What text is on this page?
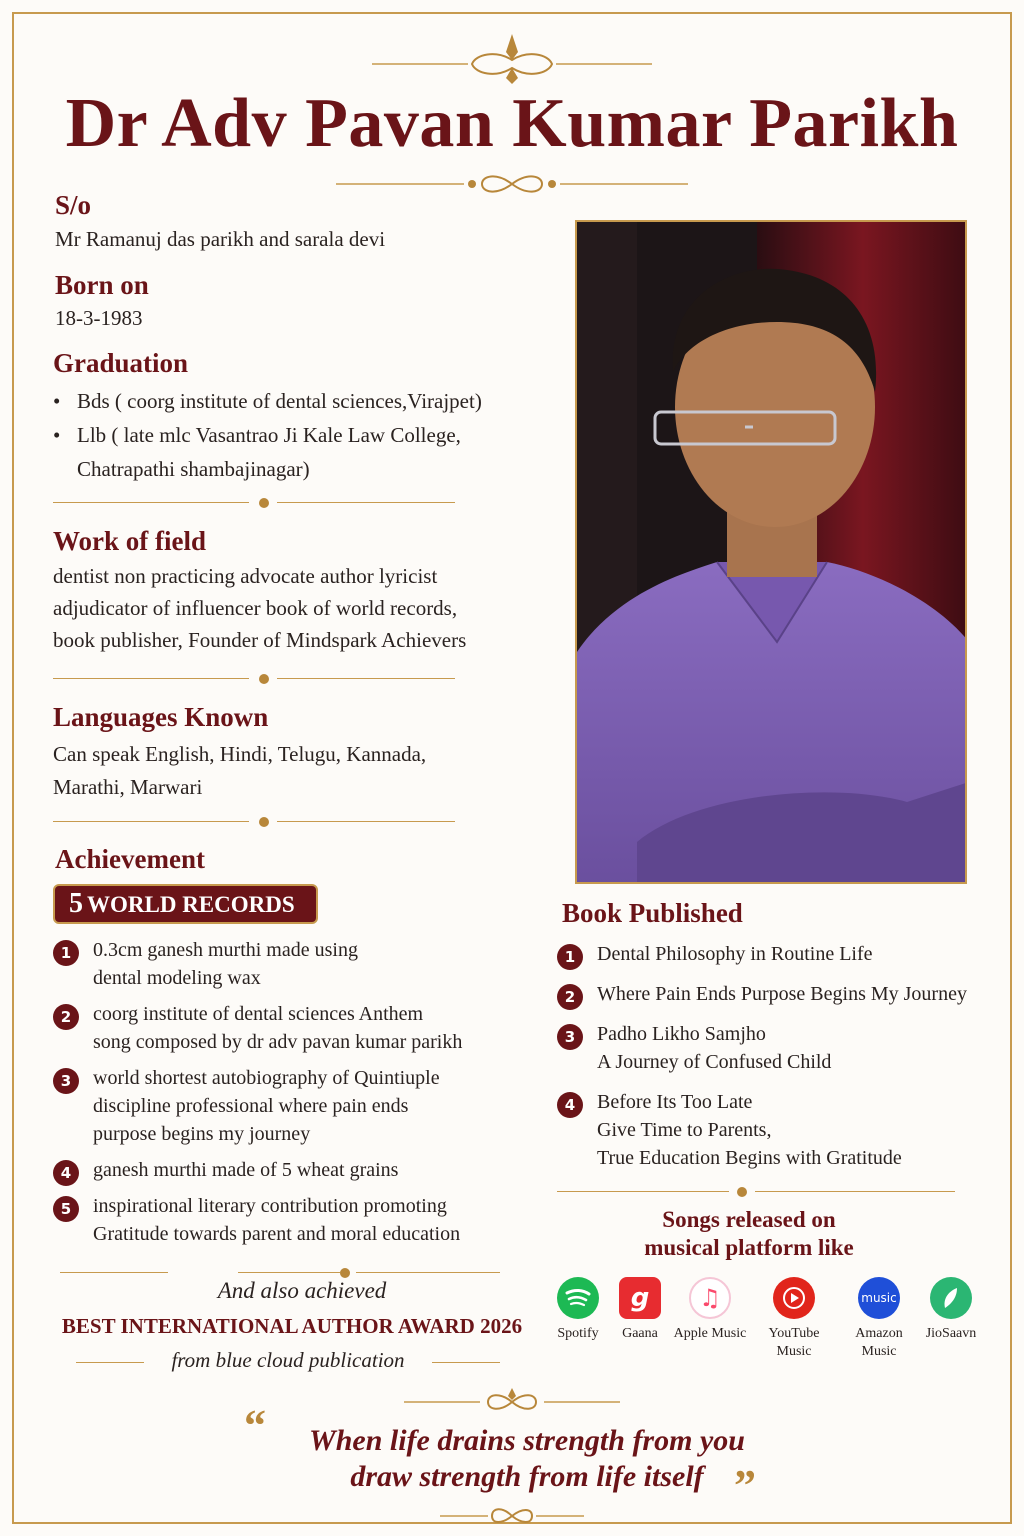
Dr Adv Pavan Kumar Parikh
S/o
Mr Ramanuj das parikh and sarala devi
Born on
18-3-1983
Graduation
• Bds ( coorg institute of dental sciences,Virajpet)
• Llb ( late mlc Vasantrao Ji Kale Law College,
Chatrapathi shambajinagar)
Work of field
dentist non practicing advocate author lyricist
adjudicator of influencer book of world records,
book publisher, Founder of Mindspark Achievers
Languages Known
Can speak English, Hindi, Telugu, Kannada,
Marathi, Marwari
Achievement
5 WORLD RECORDS
1	0.3cm ganesh murthi made using
dental modeling wax
2	coorg institute of dental sciences Anthem
song composed by dr adv pavan kumar parikh
3	world shortest autobiography of Quintiuple
discipline professional where pain ends
purpose begins my journey
4	ganesh murthi made of 5 wheat grains
5	inspirational literary contribution promoting
Gratitude towards parent and moral education
And also achieved
BEST INTERNATIONAL AUTHOR AWARD 2026
from blue cloud publication
Book Published
1	Dental Philosophy in Routine Life
2	Where Pain Ends Purpose Begins My Journey
3	Padho Likho Samjho
A Journey of Confused Child
4	Before Its Too Late
Give Time to Parents,
True Education Begins with Gratitude
Songs released on
musical platform like
Spotify
g
Gaana
♫
Apple Music	YouTube Music
music
Amazon Music
JioSaavn
“	When life drains strength from you
draw strength from life itself ”
